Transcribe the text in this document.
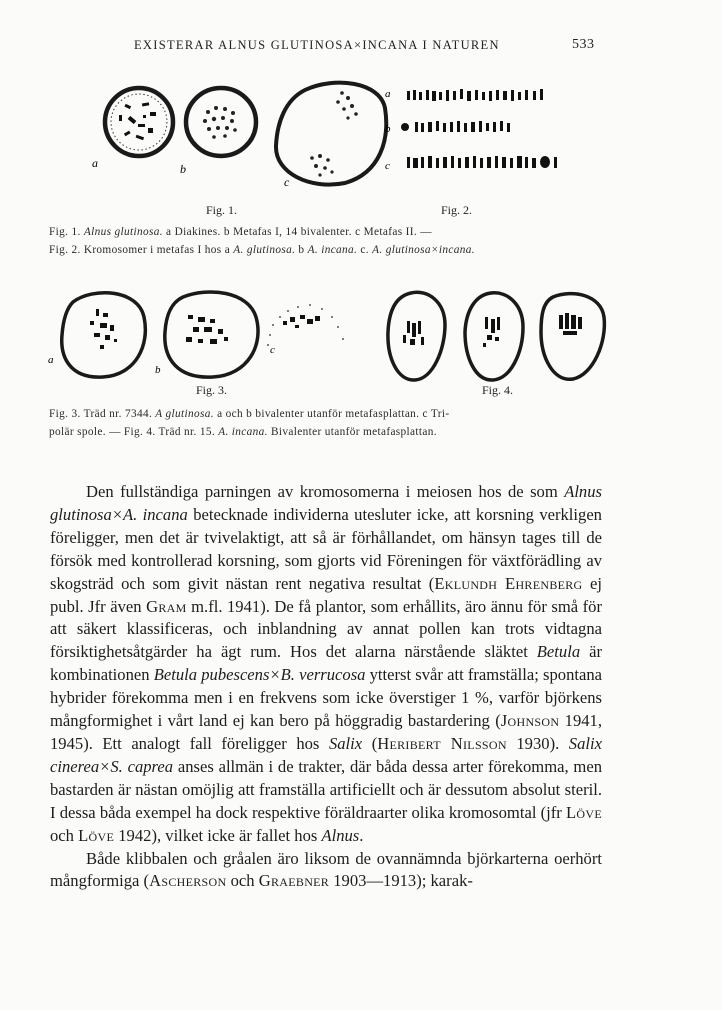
EXISTERAR ALNUS GLUTINOSA×INCANA I NATUREN	533
a	b
c
a
b
c
Fig. 1.	Fig. 2.
Fig. 1. Alnus glutinosa. a Diakines. b Metafas I, 14 bivalenter. c Metafas II. —
Fig. 2. Kromosomer i metafas I hos a A. glutinosa. b A. incana. c. A. glutinosa×incana.
a
b
c
Fig. 3.	Fig. 4.
Fig. 3. Träd nr. 7344. A glutinosa. a och b bivalenter utanför metafasplattan. c Tri-
polär spole. — Fig. 4. Träd nr. 15. A. incana. Bivalenter utanför metafasplattan.

Den fullständiga parningen av kromosomerna i meiosen hos de som Alnus glutinosa×A. incana betecknade individerna utesluter icke, att korsning verkligen föreligger, men det är tvivelaktigt, att så är förhållandet, om hänsyn tages till de försök med kontrollerad korsning, som gjorts vid Föreningen för växtförädling av skogsträd och som givit nästan rent negativa resultat (Eklundh Ehrenberg ej publ. Jfr även Gram m.fl. 1941). De få plantor, som erhållits, äro ännu för små för att säkert klassificeras, och inblandning av annat pollen kan trots vidtagna försiktighetsåtgärder ha ägt rum. Hos det alarna närstående släktet Betula är kombinationen Betula pubescens×B. verrucosa ytterst svår att framställa; spontana hybrider förekomma men i en frekvens som icke överstiger 1 %, varför björkens mångformighet i vårt land ej kan bero på höggradig bastardering (Johnson 1941, 1945). Ett analogt fall föreligger hos Salix (Heribert Nilsson 1930). Salix cinerea×S. caprea anses allmän i de trakter, där båda dessa arter förekomma, men bastarden är nästan omöjlig att framställa artificiellt och är dessutom absolut steril. I dessa båda exempel ha dock respektive föräldraarter olika kromosomtal (jfr Löve och Löve 1942), vilket icke är fallet hos Alnus.

Både klibbalen och gråalen äro liksom de ovannämnda björkarterna oerhört mångformiga (Ascherson och Graebner 1903—1913); karak-
